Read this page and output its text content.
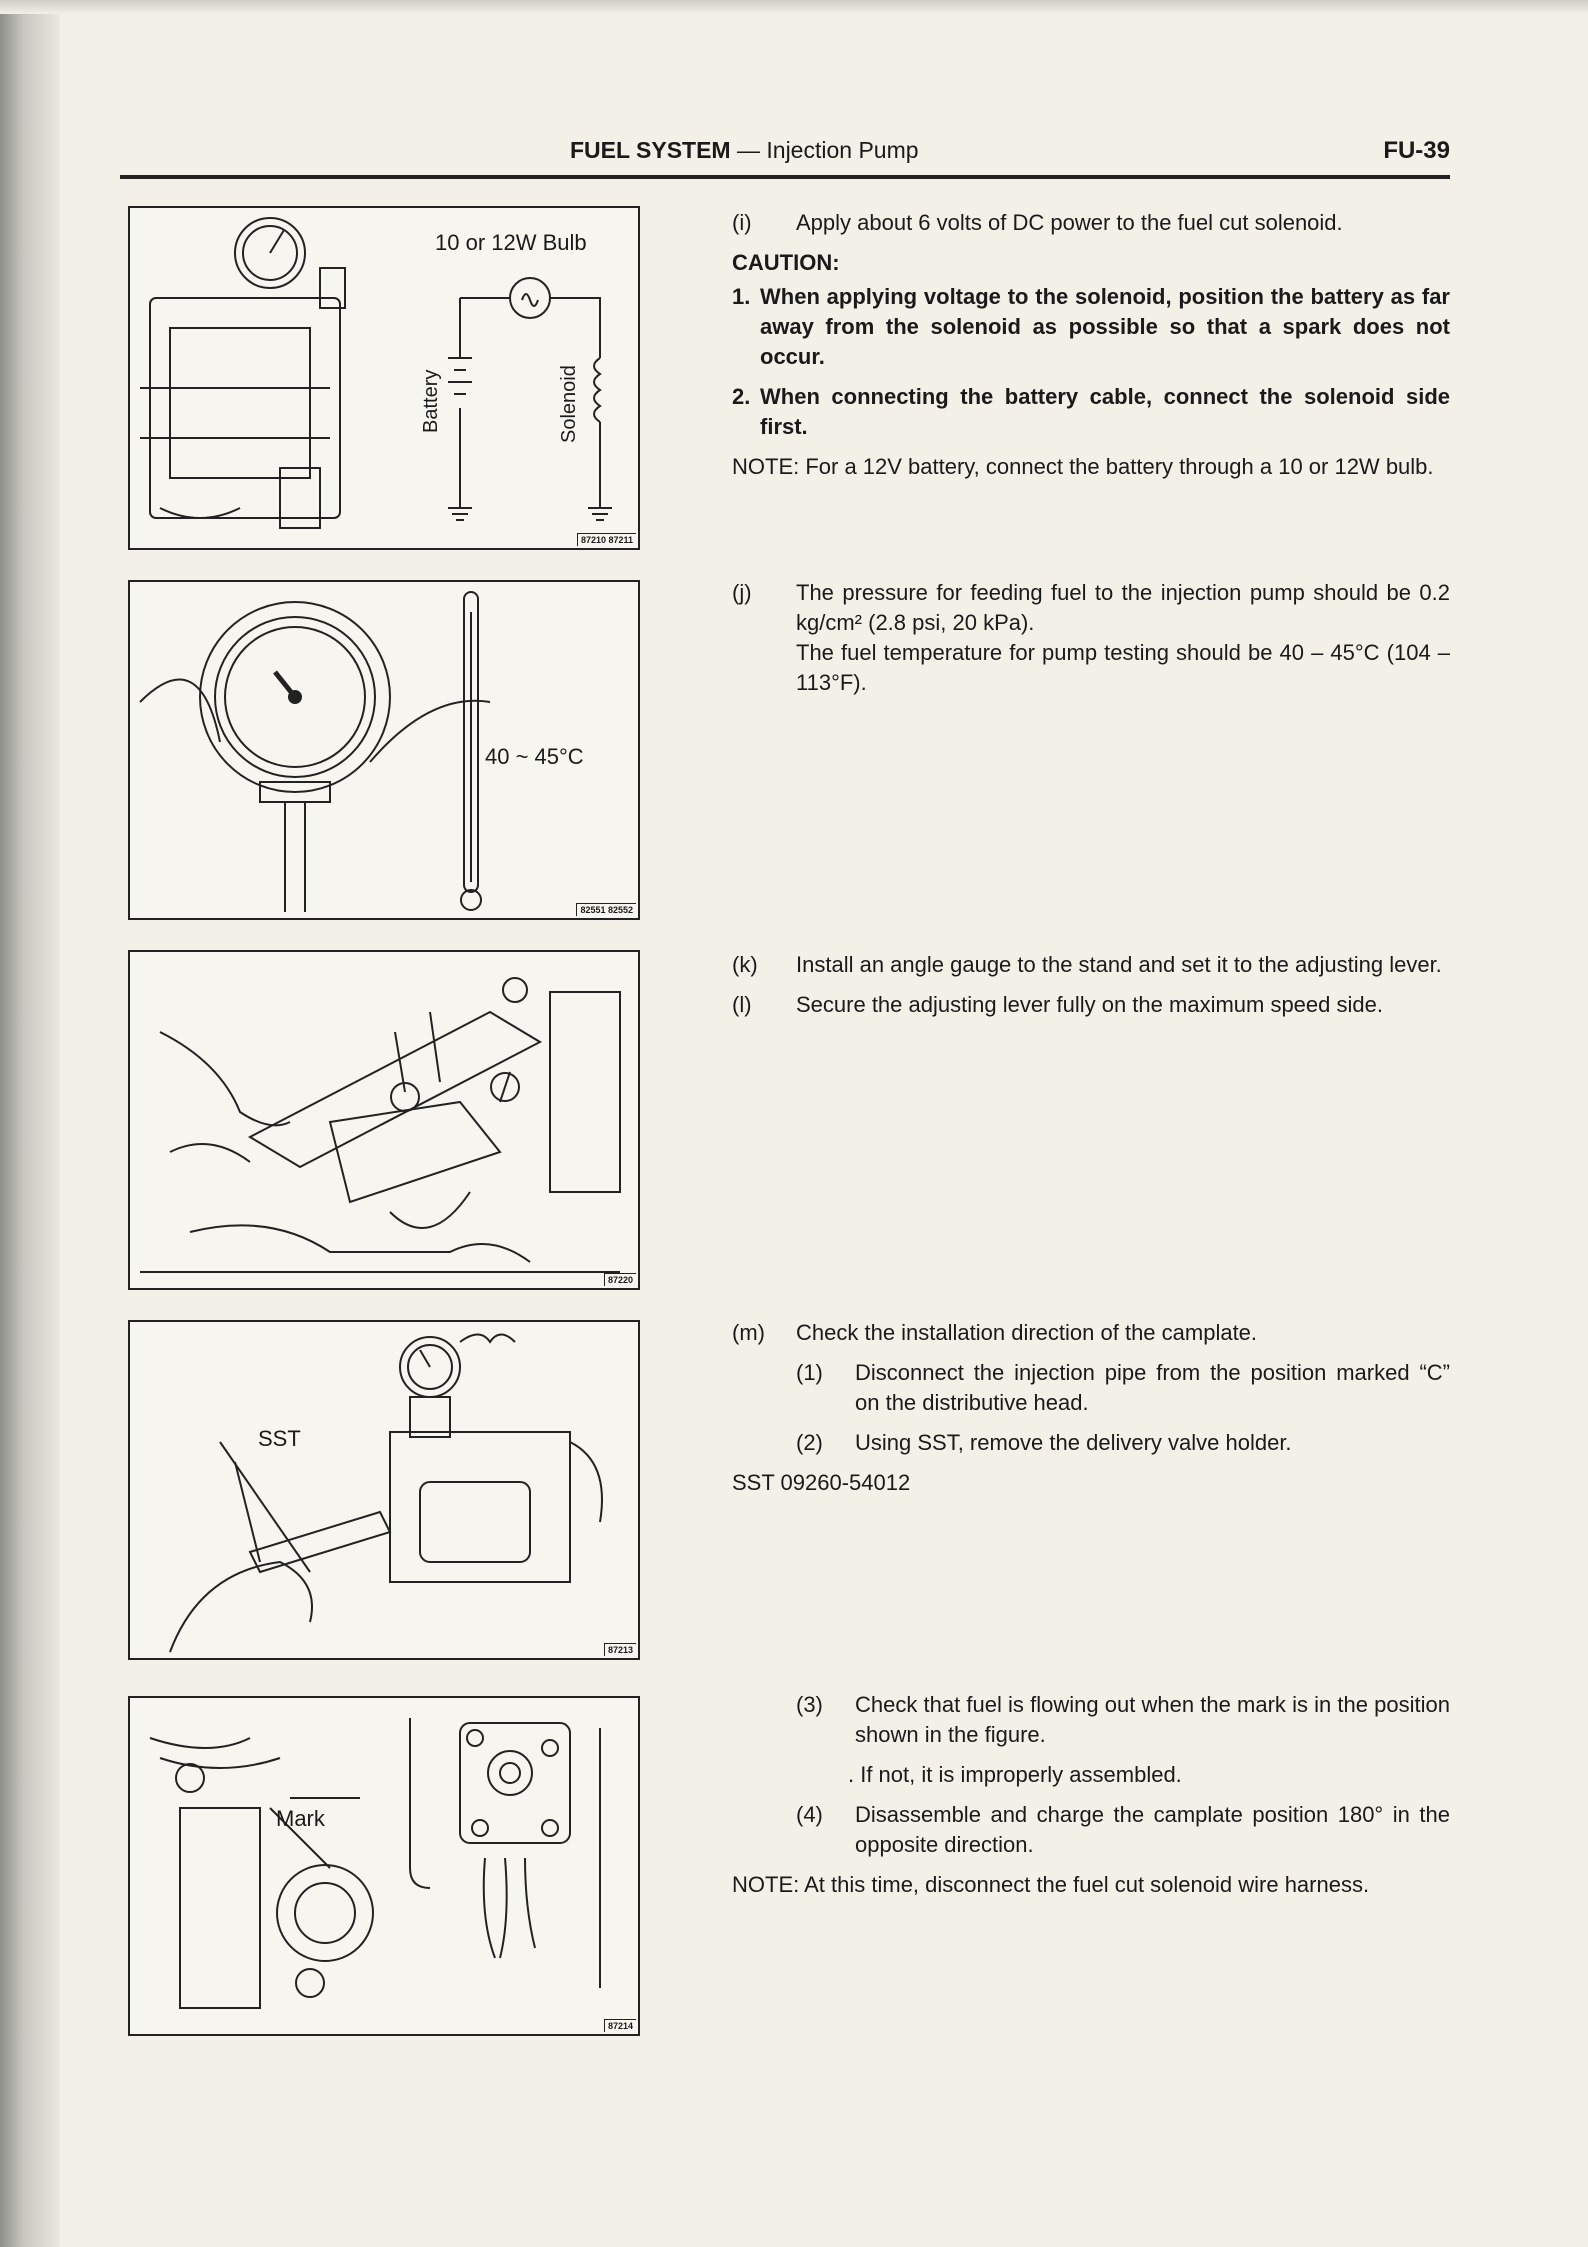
FUEL SYSTEM — Injection Pump	FU-39
10 or 12W Bulb
Battery	Solenoid
87210 87211
40 ~ 45°C
82551 82552
87220
SST
87213
Mark
87214
(i) Apply about 6 volts of DC power to the fuel cut solenoid.
CAUTION:
1. When applying voltage to the solenoid, position the battery as far away from the solenoid as possible so that a spark does not occur.
2. When connecting the battery cable, connect the solenoid side first.
NOTE: For a 12V battery, connect the battery through a 10 or 12W bulb.
(j) The pressure for feeding fuel to the injection pump should be 0.2 kg/cm² (2.8 psi, 20 kPa).
The fuel temperature for pump testing should be 40 – 45°C (104 – 113°F).
(k) Install an angle gauge to the stand and set it to the adjusting lever.
(l) Secure the adjusting lever fully on the maximum speed side.
(m) Check the installation direction of the camplate.
(1) Disconnect the injection pipe from the position marked “C” on the distributive head.
(2) Using SST, remove the delivery valve holder.
SST 09260-54012
(3) Check that fuel is flowing out when the mark is in the position shown in the figure.
. If not, it is improperly assembled.
(4) Disassemble and charge the camplate position 180° in the opposite direction.
NOTE: At this time, disconnect the fuel cut solenoid wire harness.
